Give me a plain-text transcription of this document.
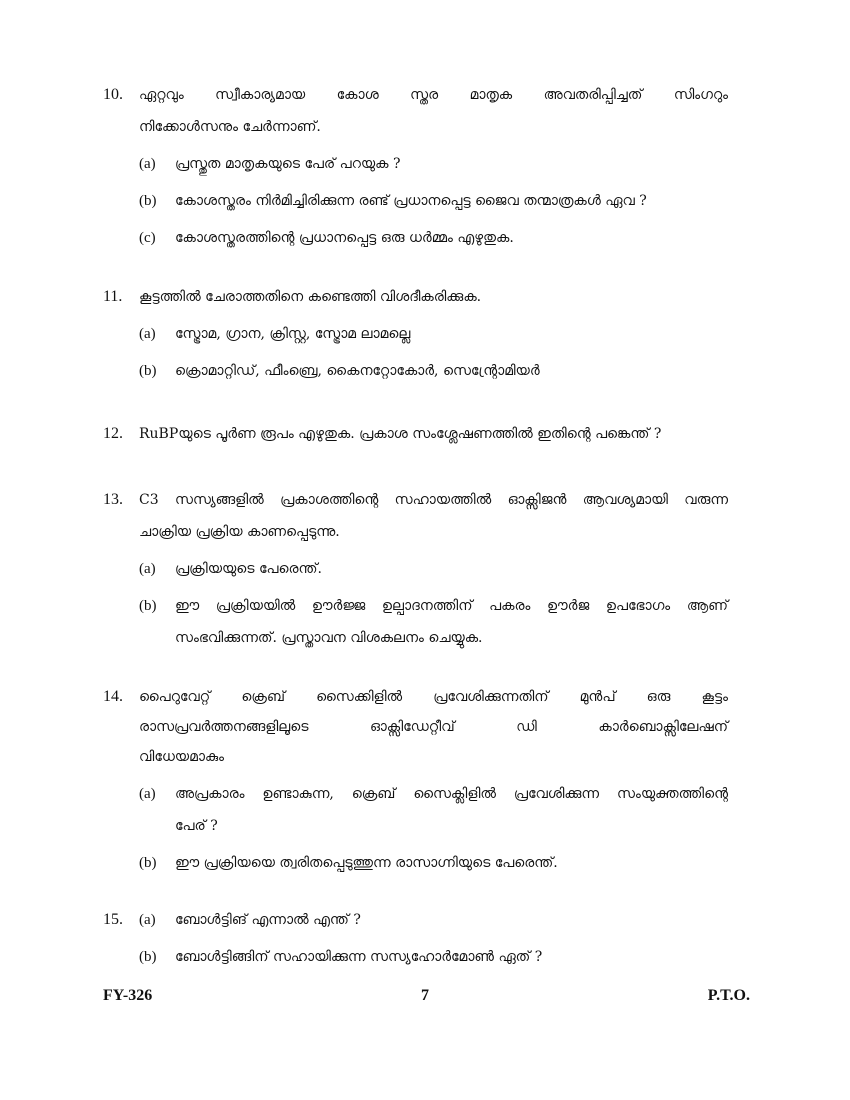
10. ഏറ്റവും സ്വീകാര്യമായ കോശ സ്തര മാതൃക അവതരിപ്പിച്ചത് സിംഗറും
നിക്കോൾസനും ചേർന്നാണ്.
(a) പ്രസ്തുത മാതൃകയുടെ പേര് പറയുക ?
(b) കോശസ്തരം നിർമിച്ചിരിക്കുന്ന രണ്ട് പ്രധാനപ്പെട്ട ജൈവ തന്മാത്രകൾ ഏവ ?
(c) കോശസ്തരത്തിന്റെ പ്രധാനപ്പെട്ട ഒരു ധർമ്മം എഴുതുക.
11. കൂട്ടത്തിൽ ചേരാത്തതിനെ കണ്ടെത്തി വിശദീകരിക്കുക.
(a) സ്ട്രോമ, ഗ്രാന, ക്രിസ്റ്റ, സ്ട്രോമ ലാമല്ലെ
(b) ക്രൊമാറ്റിഡ്, ഫീംബ്രെ, കൈനറ്റോകോർ, സെന്റ്രോമിയർ
12. RuBPയുടെ പൂർണ രൂപം എഴുതുക. പ്രകാശ സംശ്ലേഷണത്തിൽ ഇതിന്റെ പങ്കെന്ത് ?
13. C3 സസ്യങ്ങളിൽ പ്രകാശത്തിന്റെ സഹായത്തിൽ ഓക്സിജൻ ആവശ്യമായി വരുന്ന
ചാക്രിയ പ്രക്രിയ കാണപ്പെടുന്നു.
(a) പ്രക്രിയയുടെ പേരെന്ത്.
(b) ഈ പ്രക്രിയയിൽ ഊർജ്ജ ഉല്പാദനത്തിന് പകരം ഊർജ ഉപഭോഗം ആണ്
സംഭവിക്കുന്നത്. പ്രസ്താവന വിശകലനം ചെയ്യുക.
14. പൈറുവേറ്റ് ക്രെബ് സൈക്കിളിൽ പ്രവേശിക്കുന്നതിന് മുൻപ് ഒരു കൂട്ടം
രാസപ്രവർത്തനങ്ങളിലൂടെ ഓക്സിഡേറ്റീവ് ഡി കാർബൊക്സിലേഷന്
വിധേയമാകും
(a) അപ്രകാരം ഉണ്ടാകുന്ന, ക്രെബ് സൈക്ലിളിൽ പ്രവേശിക്കുന്ന സംയുക്തത്തിന്റെ
പേര് ?
(b) ഈ പ്രക്രിയയെ ത്വരിതപ്പെടുത്തുന്ന രാസാഗ്നിയുടെ പേരെന്ത്.
15. (a) ബോൾട്ടിങ് എന്നാൽ എന്ത് ?
(b) ബോൾട്ടിങ്ങിന് സഹായിക്കുന്ന സസ്യഹോർമോൺ ഏത് ?
FY-326	7	P.T.O.
